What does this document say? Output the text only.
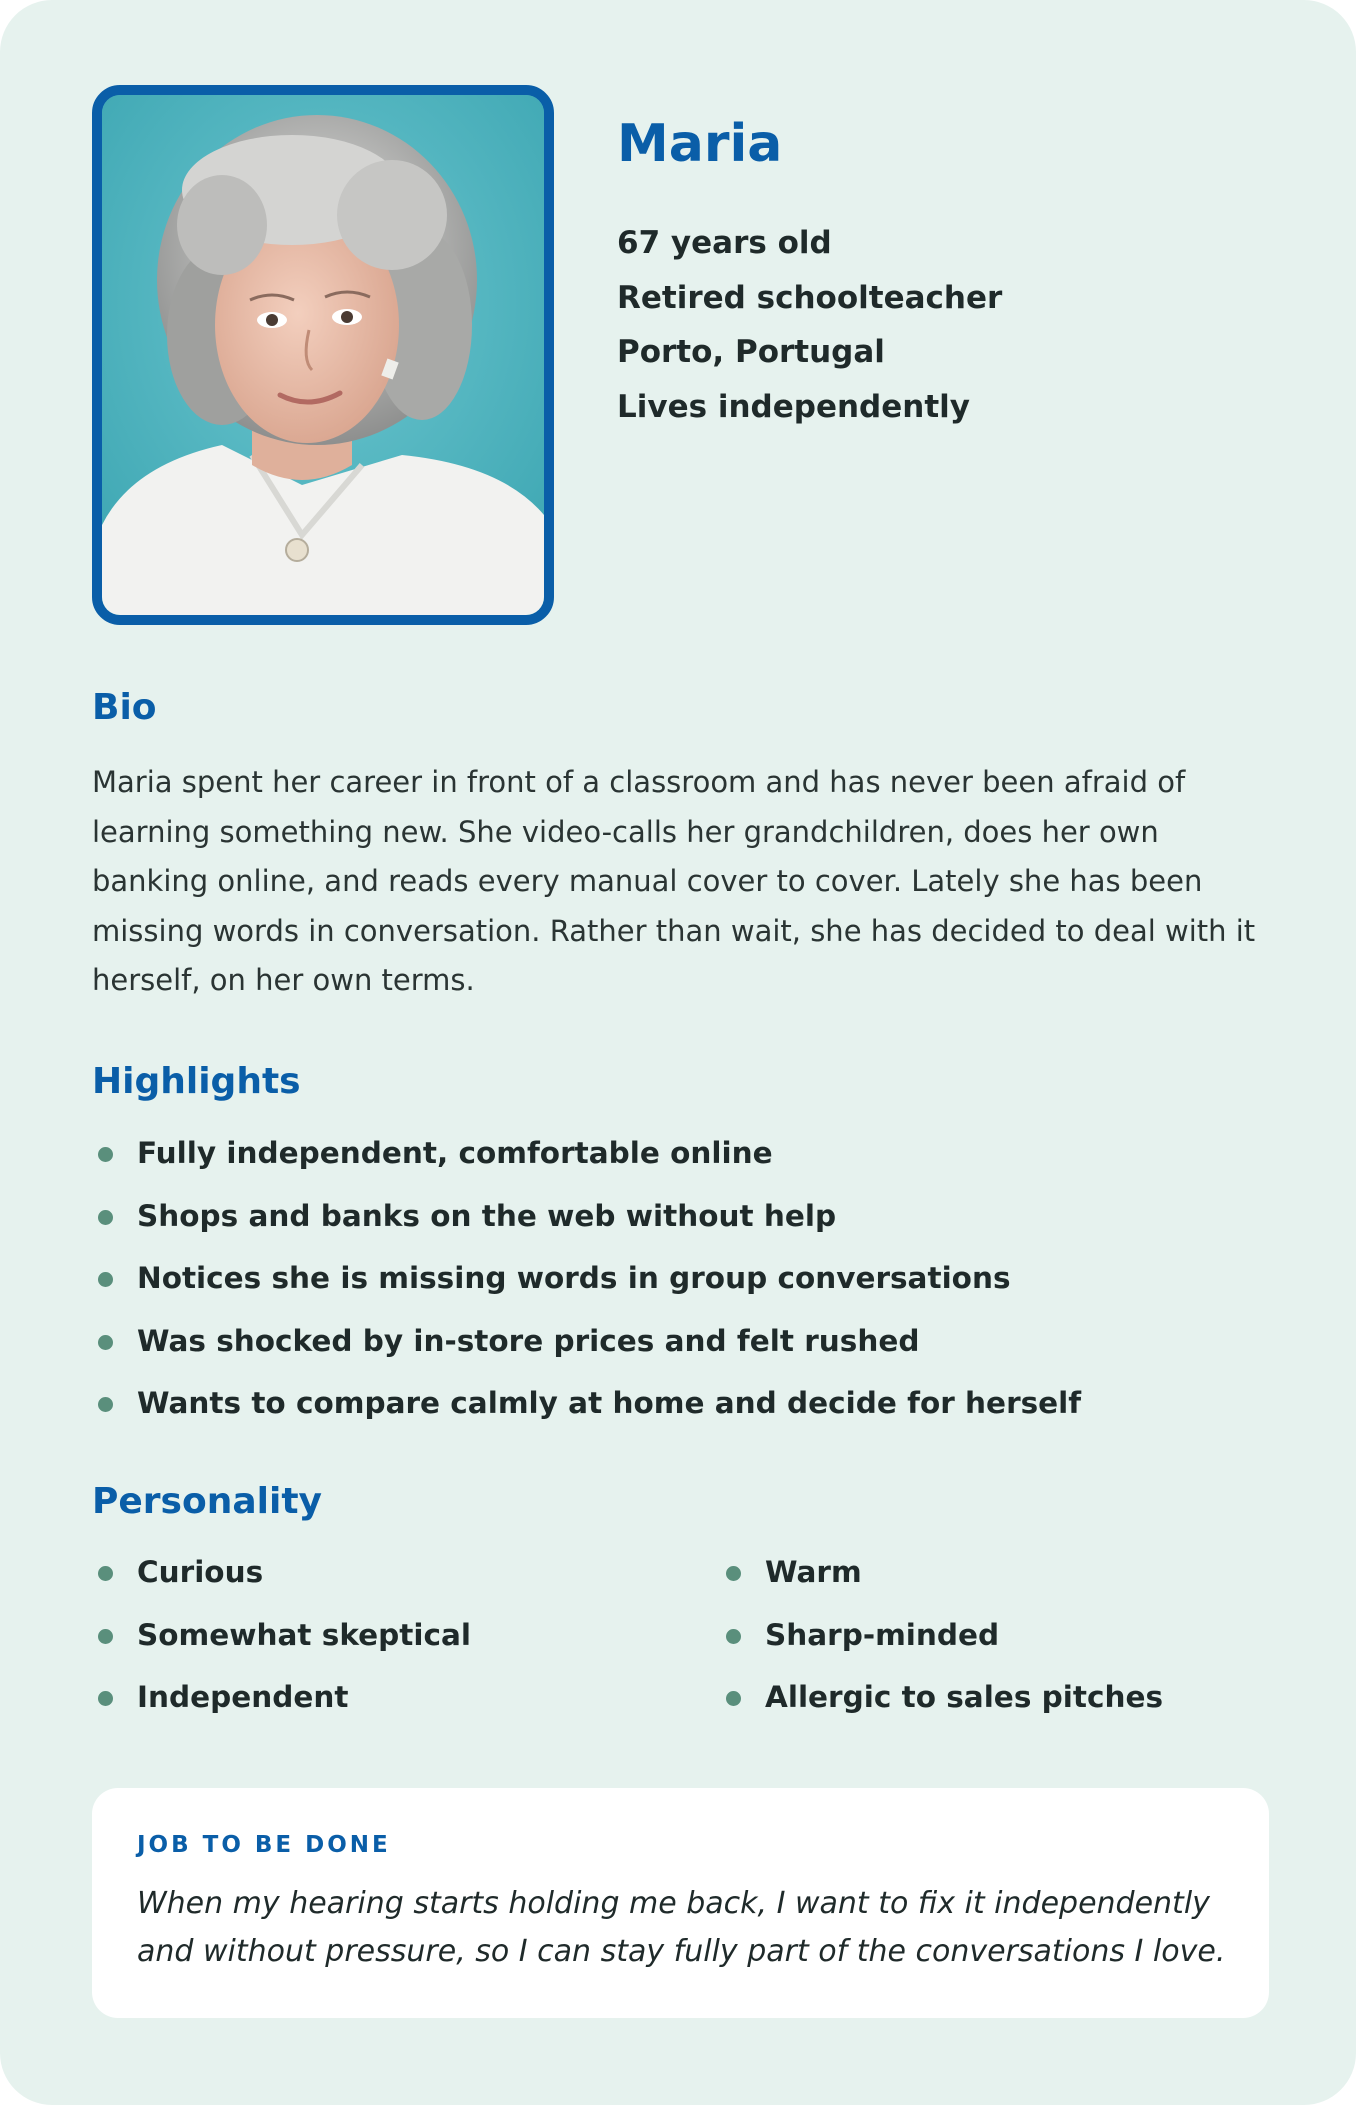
Maria
67 years old
Retired schoolteacher
Porto, Portugal
Lives independently
Bio

Maria spent her career in front of a classroom and has never been afraid of learning something new. She video-calls her grandchildren, does her own banking online, and reads every manual cover to cover. Lately she has been missing words in conversation. Rather than wait, she has decided to deal with it herself, on her own terms.

Highlights
Fully independent, comfortable online
Shops and banks on the web without help
Notices she is missing words in group conversations
Was shocked by in-store prices and felt rushed
Wants to compare calmly at home and decide for herself
Personality
Curious
Somewhat skeptical
Independent
Warm
Sharp-minded
Allergic to sales pitches

JOB TO BE DONE

When my hearing starts holding me back, I want to fix it independently and without pressure, so I can stay fully part of the conversations I love.
